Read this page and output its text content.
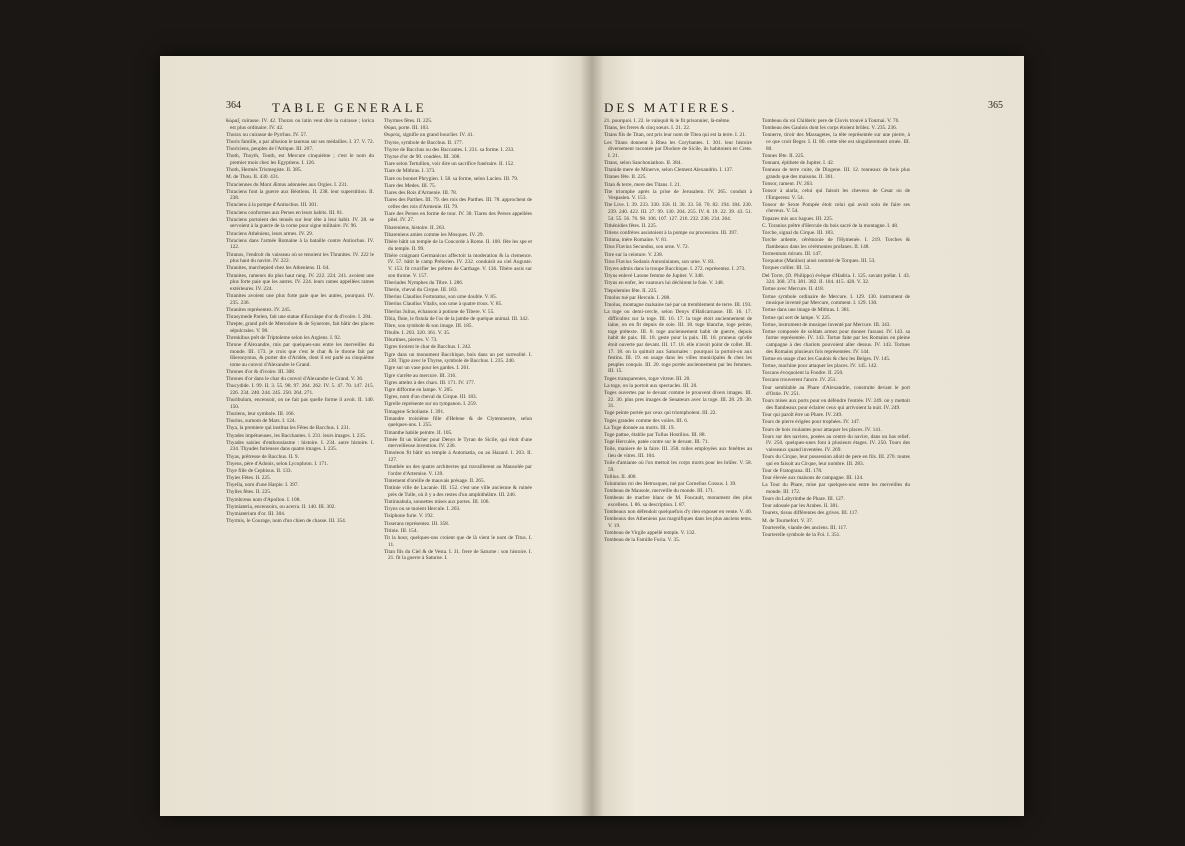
364 TABLE GENERALE

θώραξ cuirasse. IV. 42. Thorax ou latin veut dire la cuirasse ; lorica est plus ordinaire. IV. 42.

Thorax ou cuirasse de Pyrrhus. IV. 57.

Thoris famille, a par allusion le taureau sur ses médailles. I. 37. V. 72.

Thoriciens, peuples de l'Attique. III. 207.

Thoth, Thoyth, Touth, est Mercure cinquiéme ; c'est le nom du premier mois chez les Egyptiens. I. 126.

Thoth, Hermès Trismegiste. II. 385.

M. de Thou. II. 430. 431.

Thraciennes du Mont Æmus adonnées aux Orgies. I. 231.

Thraciens font la guerre aux Béotiens. II. 238. leur superstition. II. 238.

Thraciens à la pompe d'Antiochus. III. 301.

Thraciens conformes aux Perses en leurs habits. III. 81.

Thraciens portoient des tenuës sur leur tête à leur habit. IV. 28. se servoient à la guerre de la corne pour signe militaire. IV. 96.

Thraciens Athéniens, leurs armes. IV. 29.

Thraciens dans l'armée Romaine à la bataille contre Antiochus. IV. 122.

Thranos, l'endroit du vaisseau où se tenoient les Thranites. IV. 222 le plus haut du navire. IV. 222.

Thranites, marchepied chez les Atheniens. II. 64.

Thranites, rameurs du plus haut rang. IV. 222. 224. 241. avoient une plus forte paie que les autres. IV. 224. leurs rames appellées rames extérieures. IV. 224.

Thranites avoient une plus forte paie que les autres, pourquoi. IV. 235. 236.

Thranites représentez. IV. 245.

Thrasymede Parien, fait une statue d'Esculape d'or & d'ivoire. I. 284.

Threpte, grand prêt de Metrodore & de Synerote, fait bâtir des places sépulcrales. V. 98.

Threskibus prêt de Triptoleme selon les Argiens. I. 92.

Throne d'Alexandre, mis par quelques-uns entre les merveilles du monde. III. 173. je crois que c'est le char & le throne fait par Hieronymus, & porter dre d'Aridée, dont il est parlé au cinquiéme tome au convoi d'Alexandre le Grand.

Thrones d'or & d'ivoire. III. 308.

Thrones d'or dans le char du convoi d'Alexandre le Grand. V. 36.

Thucydide. I. 99. II. 3. 55. 98. 97. 264. 262. IV. 5. 47. 70. 147. 215. 226. 234. 240. 244. 245. 250. 264. 271.

Thuribulum, encensoir, on ne fait pas quelle forme il avoit. II. 140. 150.

Thuriens, leur symbole. III. 166.

Thurius, surnom de Mars. I. 124.

Thya, la premiere qui institua les Fêtes de Bacchus. I. 231.

Thyades impétueuses, les Bacchantes. I. 231. leurs images. I. 235.

Thyades saisies d'enthousiasme : histoire. I. 234. autre histoire. I. 234. Thyades furieuses dans quatre images. I. 235.

Thyas, prêtresse de Bacchus. II. 9.

Thyeus, père d'Adonis, selon Lycophron. I. 171.

Thye fille de Cephisus. II. 133.

Thyies Fêtes. II. 225.

Thyella, nom d'une Harpie. I. 397.

Thylles fêtes. II. 225.

Thymbræus nom d'Apollon. I. 108.

Thymiateria, encensoirs, ou acerra. II. 140. III. 302.

Thymiaterium d'or. III. 304.

Thyrmis, le Courage, nom d'un chien de chasse. III. 354.

Thyrmes fêtes. II. 225.

Θύρα, porte. III. 103.

Θυρεός, signifie un grand bouclier. IV. 41.

Thyrse, symbole de Bacchus. II. 177.

Thyrse de Bacchus ou des Baccantes. I. 231. sa forme. I. 233.

Thyrse d'or de 90. coudées. III. 308.

Tiare selon Tertullien, voir dire un sacrifice funéraire. II. 152.

Tiare de Mithras. I. 373.

Tiare ou bonnet Phrygien. I. 58. sa forme, selon Lucien. III. 79.

Tiare des Medes. III. 75.

Tiares des Rois d'Armenie. III. 78.

Tiares des Parthes. III. 79. des rois des Parthes. III. 78. approchent de celles des rois d'Armenie. III. 79.

Tiare des Perses en forme de tour. IV. 30. Tiares des Perses appellées pilei. IV. 27.

Tibareniens, histoire. II. 263.

Tibareniens amies comme les Mosques. IV. 29.

Tibère bâtit un temple de la Concorde à Rome. II. 100. fête les spe et du temple. II. 99.

Tibère craignant Germanicus affectoit la moderation & la clemence. IV. 57. bâtit le camp Prétorien. IV. 232. conduisit au ciel Auguste. V. 153. fit crucifier les prêtres de Carthage. V. 136. Tibère assis sur son throne. V. 157.

Tiberiades Nymphes du Tibre. I. 286.

Tiberie, cheval du Cirque. III. 183.

Tiberius Claudius Fortunatus, son urne double. V. 85.

Tiberius Claudius Vitalis, son urne à quatre trous. V. 85.

Tiberius Julius, échanson à potione de Tibere. V. 55.

Tibia, flute, le fistula de l'os de la jambe de quelque animal. III. 342.

Tibre, son symbole & son image. III. 185.

Tibulle. I. 203. 320. 361. V. 35.

Tiburtines, pierres. V. 73.

Tigres tiroient le char de Bacchus. I. 242.

Tigre dans un monument Bacchique, bois dans un pot surrealité. I. 238. Tigre avec le Thyrse, symbole de Bacchus. I. 235. 240.

Tigre sur un vase pour les gardes. I. 261.

Tigre s'arrête au mercure. III. 316.

Tigres attelez à des chars. III. 171. IV. 177.

Tigre difforme en lampe. V. 205.

Tigres, nom d'un cheval du Cirque. III. 183.

Tigrelle représente sur un tympanon. I. 259.

Timagene Scholiaste. I. 391.

Timandre troisiéme fille d'Helene & de Clytemnestre, selon quelques-uns. I. 255.

Timanthe habile peintre. II. 105.

Timée fit un bûcher pour Denys le Tyran de Sicile, qui étoit d'une merveilleuse invention. IV. 236.

Timoleon fit bâtir un temple à Automatia, ou au Hazard. I. 203. II. 127.

Timothée un des quatre architectes qui travaillerent au Mausolée par l'ordre d'Artemise. V. 139.

Tintement d'oreille de mauvais présage. II. 265.

Tintinie ville de Lucanie. III. 152. c'est une ville ancienne & ruinée près de Tulle, où il y a des restes d'un amphithéâtre. III. 246.

Tintinnabula, sonnettes mises aux portes. III. 106.

Tiryns ou se tuoient Hercule. I. 203.

Tisiphone furie. V. 192.

Tisserans représentez. III. 358.

Titinie. III. 154.

Tit la hour, quelques-uns croient que de là vient le nom de Titus. I. 11.

Titan fils du Ciel & de Vesta. I. 31. frere de Saturne : son histoire. I. 21. fit la guerre à Saturne. I.

DES MATIERES.	365

21. pourquoi. I. 22. le vainquit & le fit prisonnier, là-même.

Titans, les freres & cinq sœurs. I. 21. 22.

Titans fils de Titan, ont pris leur nom de Titea qui est la terre. I. 21.

Les Titans donnent à Rhea les Corybantes. I. 301. leur histoire diversement racontée par Diodore de Sicile, ils habitoient en Crete. I. 21.

Titans, selon Sanchoniathon. II. 384.

Titanide mere de Minerve, selon Clement Alexandrin. I. 137.

Titanes fête. II. 225.

Titan & terre, mere des Titans. I. 21.

Tite triomphe après la prise de Jerusalem. IV. 265. conduit à Vespasien. V. 153.

Tite Live. I. 39. 233. 330. 358. II. 30. 33. 56. 70. 82. 194. 184. 230. 239. 240. 422. III. 27. 99. 130. 204. 255. IV. 8. 19. 22. 39. 43. 51. 54. 55. 56. 76. 98. 106. 107. 127. 216. 232. 238. 234. 264.

Tithénidies fêtes. II. 225.

Titiens confrères assistoient à la pompe ou procession. III. 397.

Titinna, mère Romaine. V. 81.

Titus Flavius Secundus, son urne. V. 72.

Titre sur la ceinture. V. 238.

Titus Flavius Sodanis Antoninianes, son urne. V. 83.

Tityres admis dans la troupe Bacchique. I. 272. représentez. I. 273.

Tityus enlevé Latone femme de Jupiter. V. 348.

Tityus en enfer, les vautours lui déchirent le foie. V. 148.

Tlepolemies fête. II. 225.

Tmolus tué par Hercule. I. 208.

Tmolus, montagne malsaine tué par un tremblement de terre. III. 193.

La toge ou demi-cercle, selon Denys d'Halicarnasse. III. 16. 17. difficultez sur la toge. III. 16. 17. la toge étoit anciennement de laine, on en fit depuis de soie. III. 18. toge blanche, toge peinte, toge prétexte. III. 8. toge anciennement habit de guerre, depuis habit de paix. III. 18. geste pour la paix. III. 18. pruneus qu'elle étoit ouverte par devant. III. 17. 18. elle n'avoit point de collet. III. 17. 18. on la quittoit aux Saturnales : pourquoi la portoit-on aux festins. III. 19. en usage dans les villes municipales & chez les peuples conquis. III. 20. toge portée anciennement par les femmes. III. 15.

Toges transparentes, togæ vitreæ. III. 20.

La toge, on la portoit aux spectacles. III. 20.

Toges ouvertes par le devant comme le prouvent divers images. III. 22. 30. plus pres images de Senateurs avec la toge. III. 28. 29. 30. 31.

Toge peinte portée par ceux qui triomphoient. III. 22.

Toges grandes comme des voiles. III. 6.

La Toge donnée au morts. III. 19.

Toge pattue, établie par Tullus Hostilius. III. 88.

Toge Herculée, patée contre sur le devant. III. 71.

Toile, maniere de la faire. III. 358. toiles employées aux fenêtres au lieu de vitres. III. 104.

Toile d'amiante où l'on mettoit les corps morts pour les brûler. V. 58. 59.

Tollius. II. 400.

Tolumnius roi des Hetrusques, tué par Cornelius Cossus. I. 39.

Tombeau de Mausole, merveille du monde. III. 171.

Tombeau de marbre blanc de M. Foucault, monument des plus excellens. I. 86. sa description. I. 87.

Tombeaux non défendoit quelquefois d'y rien exposer en vente. V. 40.

Tombeaux des Atheniens pas magnifiques dans les plus anciens tems. V. 19.

Tombeau de Virgile appellé temple. V. 132.

Tombeau de la Famille Furia. V. 35.

Tombeau du roi Childeric pere de Clovis trouvé à Tournai. V. 76.

Tombeau des Gaulois dont les corps étoient brûlez. V. 235. 236.

Tonnerre, tiroir des Massagetes, la tête représentée sur une pierre, à ce que croit Beger. I. II. 80. cette tête est singulierement ornée. III. 80.

Tonnes fête. II. 225.

Tonnant, épithete de Jupiter. I. 42.

Tonneau de terre cuite, de Diogene. III. 12. tonneaux de bois plus grands que des maisons. II. 361.

Tonsor, rameur. IV. 263.

Tonsor à alaria, celui qui faisoit les cheveux de Cesar ou de l'Empereur. V. 54.

Tonsor de Sexte Pompée étoit celui qui avoit soin de faire ses cheveux. V. 54.

Topazes mis aux bagues. III. 225.

C. Toranius prêtre d'Hercule du bois sacré de la montagne. I. 48.

Torche, signal du Cirque. III. 183.

Torche ardente, cérémonie de l'Hymenée. I. 219. Torches & flambeaux dans les cérémonies profanes. II. 148.

Tormentum mirum. III. 147.

Torquatus (Manlius) ainsi nommé de Torques. III. 53.

Torques collier. III. 53.

Del Torre, (D. Philippo) évêque d'Hadria. I. 125. savant prélat. I. 43. 324. 368. 374. 381. 382. II. 104. 415. 420. V. 32.

Tortue avec Mercure. II. 418.

Tortue symbole ordinaire de Mercure. I. 129. 130. instrument de musique inventé par Mercure, comment. I. 129. 130.

Tortue dans une image de Mithras. I. 381.

Tortue qui sert de lampe. V. 225.

Tortue, instrument de musique inventé par Mercure. III. 343.

Tortue composée de soldats armez pour donner l'assaut. IV. 143. sa forme représentée. IV. 143. Tortue faite par les Romains en pleine campagne à des chariots pouvoient aller dessus. IV. 143. Tortues des Romains plusieurs fois représentées. IV. 144.

Tortue en usage chez les Gaulois & chez les Belges. IV. 145.

Tortue, machine pour attaquer les places. IV. 145. 142.

Toscans évoquoient la Foudre. II. 250.

Toscans trouverent l'ancre. IV. 251.

Tour semblable au Phare d'Alexandrie, construite devant le port d'Ostie. IV. 251.

Tours mises aux ports pour en défendre l'entrée. IV. 249. on y mettoit des flambeaux pour éclairer ceux qui arrivoient la nuit. IV. 249.

Tour qui paroît être un Phare. IV. 249.

Tours de pierre érigées pour trophées. IV. 147.

Tours de bois roulantes pour attaquer les places. IV. 141.

Tours sur des navires, posées au centre du navire, dans un bas relief. IV. 250. quelques-unes font à plusieurs étages. IV. 250. Tours des vaisseaux quand inventées. IV. 269.

Tours du Cirque, leur possession alloit de pere en fils. III. 270. toutes qui en faisoit au Cirque, leur nombre. III. 283.

Tour de Fratograna. III. 178.

Tour élevée aux maisons de campagne. III. 124.

La Tour du Phare, mise par quelques-uns entre les merveilles du monde. III. 172.

Tours du Labyrinthe de Phare. III. 127.

Tour adossée par les Arabes. II. 381.

Tourets, tissus différentes des grives. III. 117.

M. de Tournefort. V. 37.

Tourterelle, viande des anciens. III. 117.

Tourterelle symbole de la Foi. I. 351.
